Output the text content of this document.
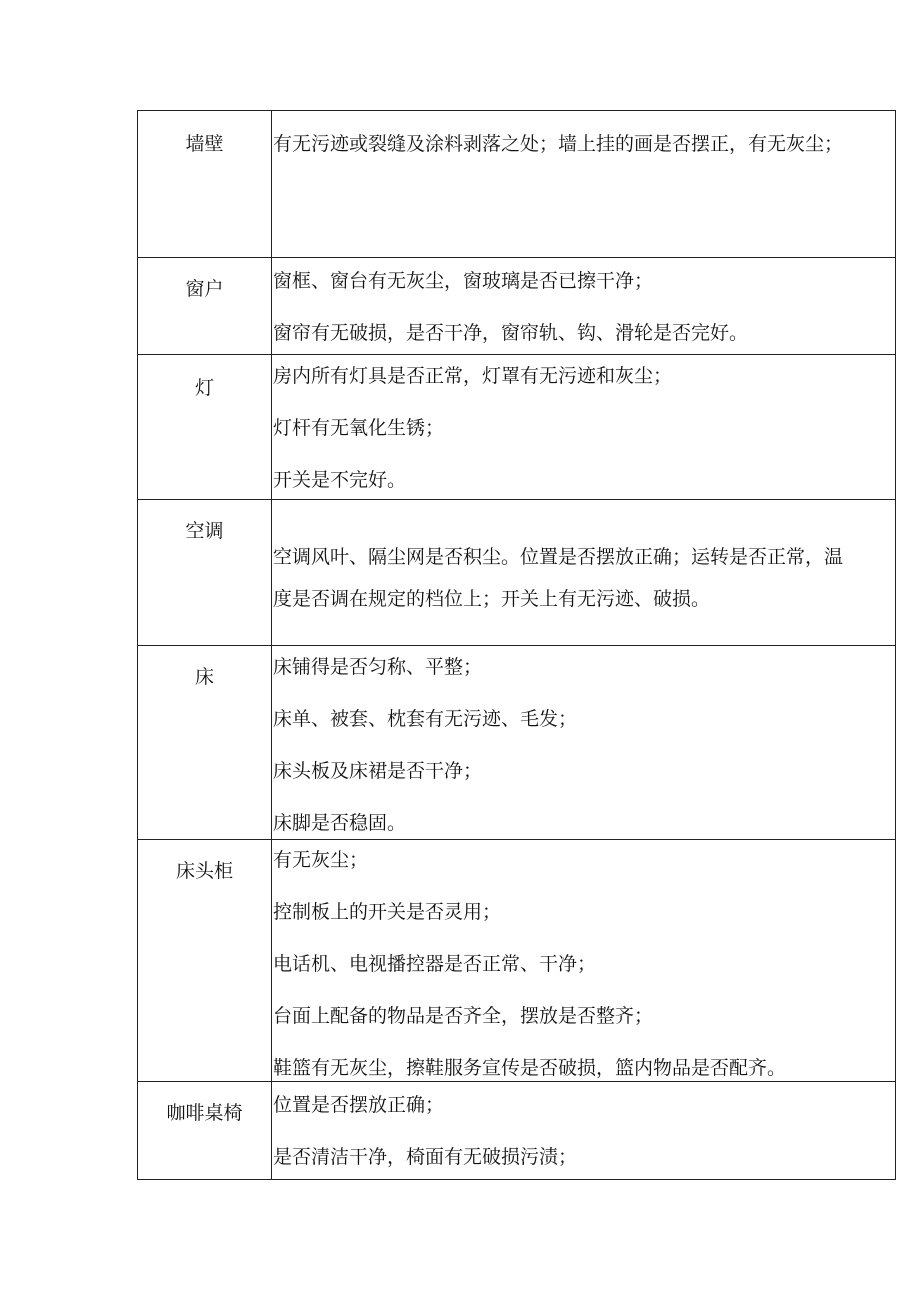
墙壁	有无污迹或裂缝及涂料剥落之处；墙上挂的画是否摆正，有无灰尘；

窗户	窗框、窗台有无灰尘，窗玻璃是否已擦干净；
窗帘有无破损，是否干净，窗帘轨、钩、滑轮是否完好。

灯	房内所有灯具是否正常，灯罩有无污迹和灰尘；
灯杆有无氧化生锈；
开关是不完好。

空调	空调风叶、隔尘网是否积尘。位置是否摆放正确；运转是否正常，温
度是否调在规定的档位上；开关上有无污迹、破损。

床	床铺得是否匀称、平整；
床单、被套、枕套有无污迹、毛发；
床头板及床裙是否干净；
床脚是否稳固。

床头柜	有无灰尘；
控制板上的开关是否灵用；
电话机、电视播控器是否正常、干净；
台面上配备的物品是否齐全，摆放是否整齐；
鞋篮有无灰尘，擦鞋服务宣传是否破损，篮内物品是否配齐。

咖啡桌椅	位置是否摆放正确；
是否清洁干净，椅面有无破损污渍；
